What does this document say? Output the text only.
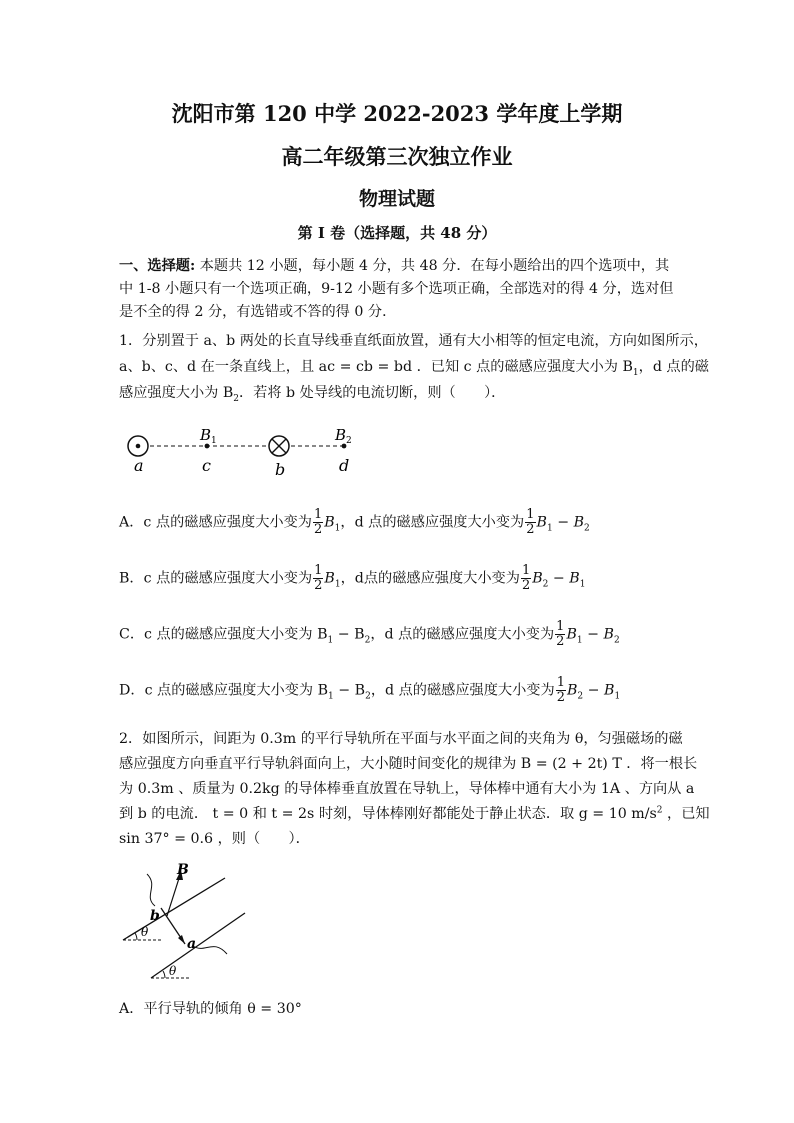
沈阳市第 120 中学 2022-2023 学年度上学期
高二年级第三次独立作业
物理试题
第 I 卷（选择题，共 48 分）
一、选择题: 本题共 12 小题，每小题 4 分，共 48 分．在每小题给出的四个选项中，其中 1-8 小题只有一个选项正确，9-12 小题有多个选项正确，全部选对的得 4 分，选对但是不全的得 2 分，有选错或不答的得 0 分．
1．分别置于 a、b 两处的长直导线垂直纸面放置，通有大小相等的恒定电流，方向如图所示，
a、b、c、d 在一条直线上，且 ac = cb = bd ．已知 c 点的磁感应强度大小为 $B_1$，d 点的磁
感应强度大小为 $B_2$．若将 b 处导线的电流切断，则（　　）．
a	c	b	d
B 1	B 2
A．c 点的磁感应强度大小变为 $\frac{1}{2} B_1$，d 点的磁感应强度大小变为 $\frac{1}{2} B_1 - B_2$
B．c 点的磁感应强度大小变为 $\frac{1}{2} B_1$，d点的磁感应强度大小变为 $\frac{1}{2} B_2 - B_1$
C．c 点的磁感应强度大小变为 $B_1 - B_2$，d 点的磁感应强度大小变为 $\frac{1}{2} B_1 - B_2$
D．c 点的磁感应强度大小变为 $B_1 - B_2$，d 点的磁感应强度大小变为 $\frac{1}{2} B_2 - B_1$
2．如图所示，间距为 0.3m 的平行导轨所在平面与水平面之间的夹角为 θ，匀强磁场的磁
感应强度方向垂直平行导轨斜面向上，大小随时间变化的规律为 B = (2 + 2t) T ．将一根长
为 0.3m 、质量为 0.2kg 的导体棒垂直放置在导轨上，导体棒中通有大小为 1A 、方向从 a
到 b 的电流． t = 0 和 t = 2s 时刻，导体棒刚好都能处于静止状态．取 g = 10 $m/s^2$ ，已知
sin 37° = 0.6 ，则（　　）．
θ
θ
B
b
a
A．平行导轨的倾角 θ = 30°
